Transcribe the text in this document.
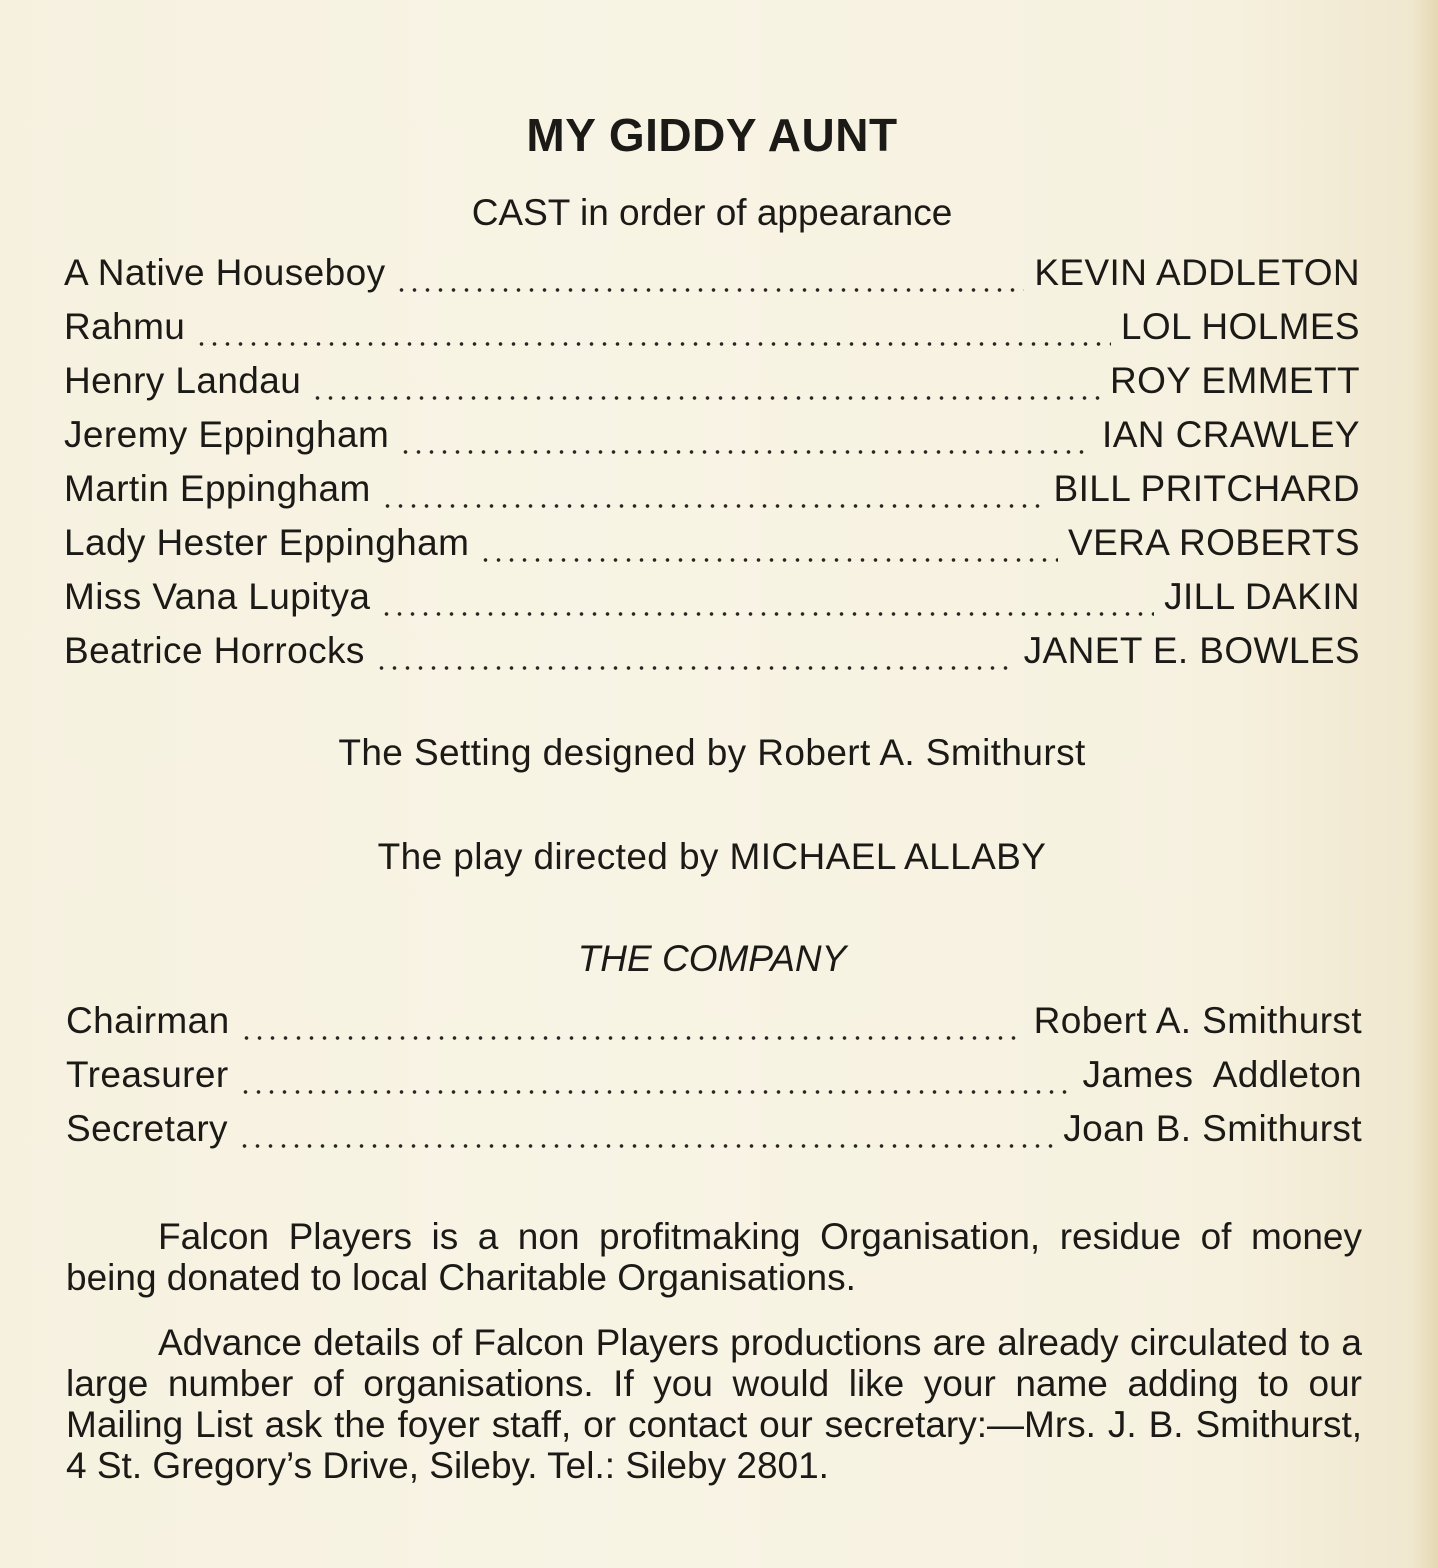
MY GIDDY AUNT
CAST in order of appearance
A Native Houseboy	KEVIN ADDLETON
Rahmu	LOL HOLMES
Henry Landau	ROY EMMETT
Jeremy Eppingham	IAN CRAWLEY
Martin Eppingham	BILL PRITCHARD
Lady Hester Eppingham	VERA ROBERTS
Miss Vana Lupitya	JILL DAKIN
Beatrice Horrocks	JANET E. BOWLES
The Setting designed by Robert A. Smithurst
The play directed by MICHAEL ALLABY
THE COMPANY
Chairman	Robert A. Smithurst
Treasurer	James  Addleton
Secretary	Joan B. Smithurst
Falcon Players is a non profitmaking Organisation, residue of money being donated to local Charitable Organisations.
Advance details of Falcon Players productions are already circulated to a large number of organisations. If you would like your name adding to our Mailing List ask the foyer staff, or contact our secretary:—Mrs. J. B. Smithurst, 4 St. Gregory’s Drive, Sileby. Tel.: Sileby 2801.
